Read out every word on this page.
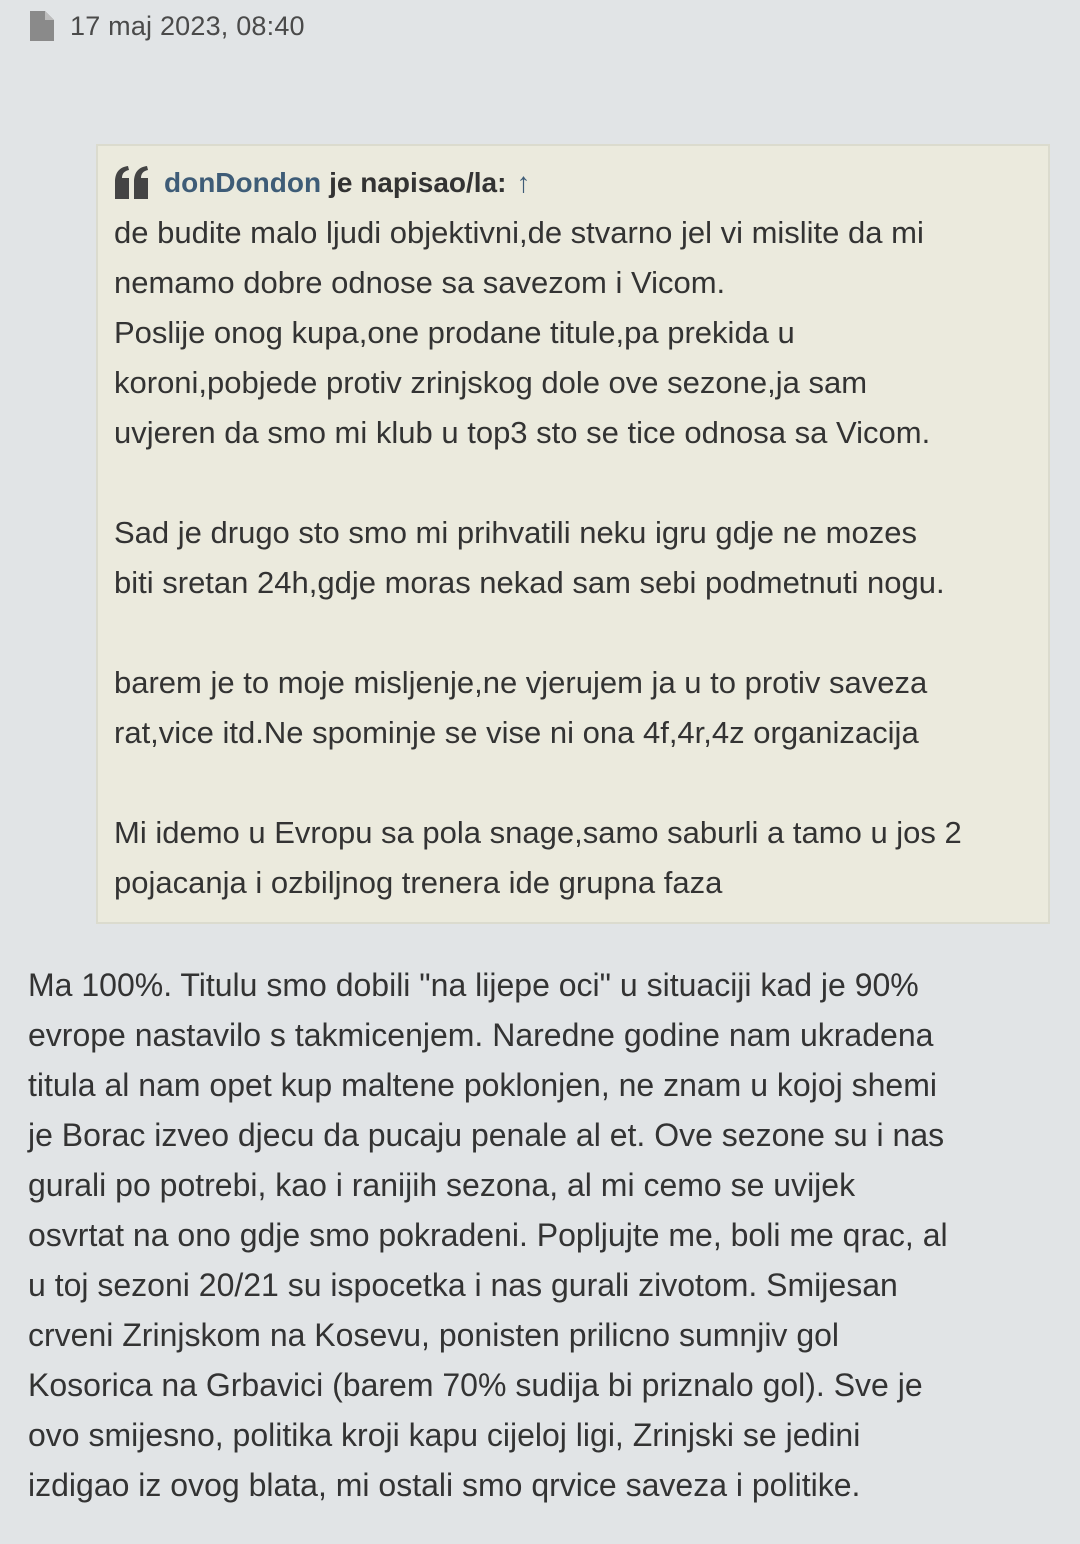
17 maj 2023, 08:40
donDondon je napisao/la: ↑

de budite malo ljudi objektivni,de stvarno jel vi mislite da mi

nemamo dobre odnose sa savezom i Vicom.

Poslije onog kupa,one prodane titule,pa prekida u

koroni,pobjede protiv zrinjskog dole ove sezone,ja sam

uvjeren da smo mi klub u top3 sto se tice odnosa sa Vicom.

Sad je drugo sto smo mi prihvatili neku igru gdje ne mozes

biti sretan 24h,gdje moras nekad sam sebi podmetnuti nogu.

barem je to moje misljenje,ne vjerujem ja u to protiv saveza

rat,vice itd.Ne spominje se vise ni ona 4f,4r,4z organizacija

Mi idemo u Evropu sa pola snage,samo saburli a tamo u jos 2

pojacanja i ozbiljnog trenera ide grupna faza

Ma 100%. Titulu smo dobili "na lijepe oci" u situaciji kad je 90%

evrope nastavilo s takmicenjem. Naredne godine nam ukradena

titula al nam opet kup maltene poklonjen, ne znam u kojoj shemi

je Borac izveo djecu da pucaju penale al et. Ove sezone su i nas

gurali po potrebi, kao i ranijih sezona, al mi cemo se uvijek

osvrtat na ono gdje smo pokradeni. Popljujte me, boli me qrac, al

u toj sezoni 20/21 su ispocetka i nas gurali zivotom. Smijesan

crveni Zrinjskom na Kosevu, ponisten prilicno sumnjiv gol

Kosorica na Grbavici (barem 70% sudija bi priznalo gol). Sve je

ovo smijesno, politika kroji kapu cijeloj ligi, Zrinjski se jedini

izdigao iz ovog blata, mi ostali smo qrvice saveza i politike.
